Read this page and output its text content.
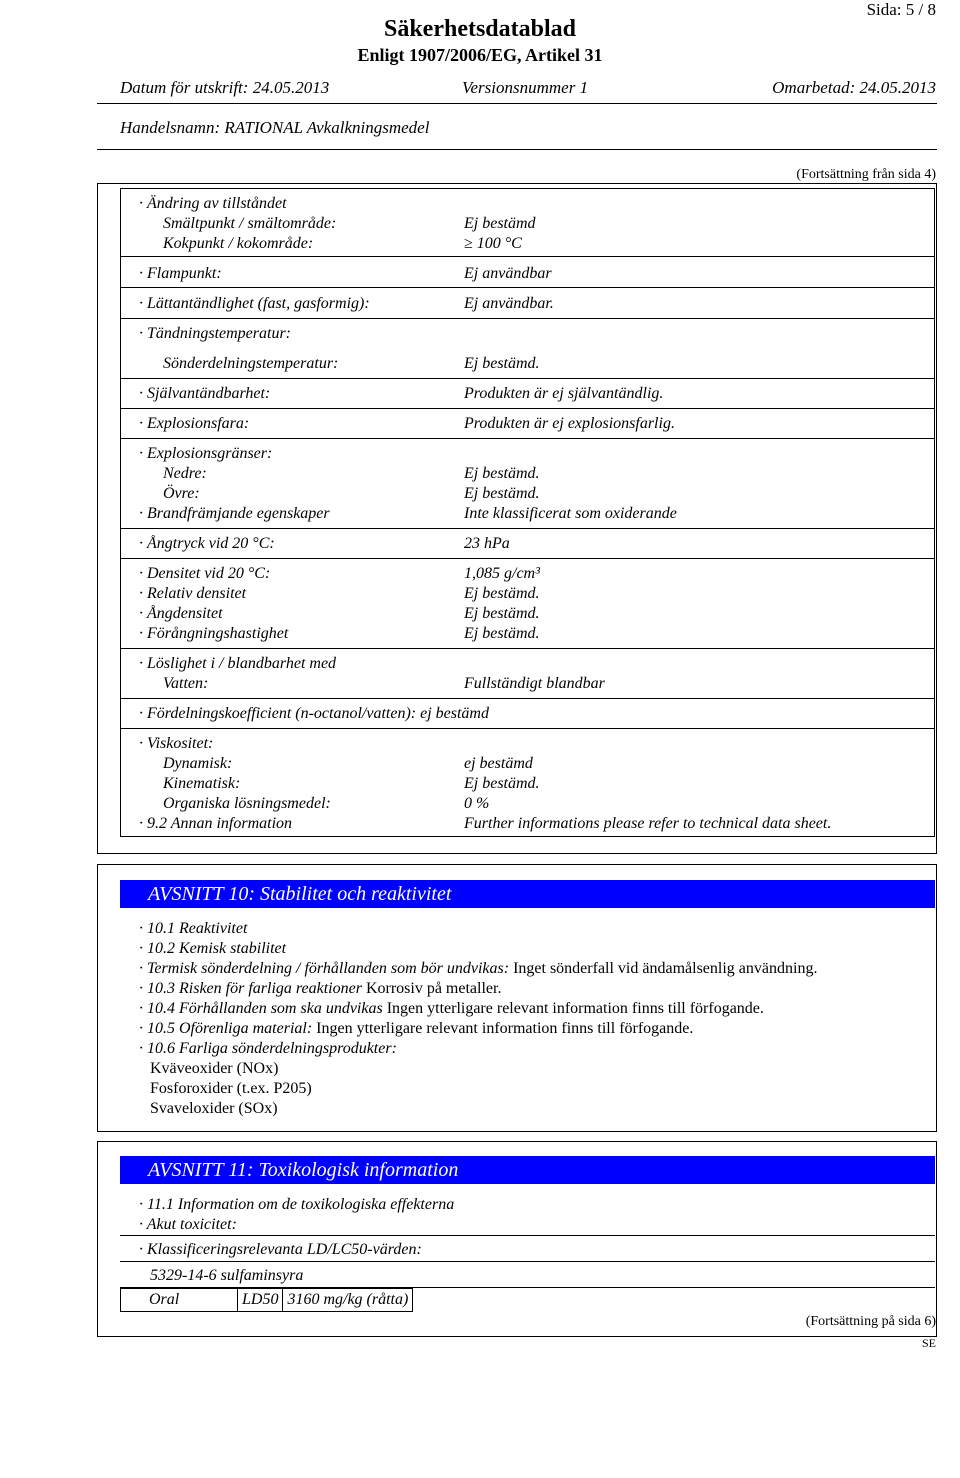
Sida: 5 / 8
Säkerhetsdatablad
Enligt 1907/2006/EG, Artikel 31
Datum för utskrift: 24.05.2013	Versionsnummer 1	Omarbetad: 24.05.2013
Handelsnamn: RATIONAL Avkalkningsmedel
(Fortsättning från sida 4)
· Ändring av tillståndet
Smältpunkt / smältområde:	Ej bestämd
Kokpunkt / kokområde:	≥ 100 °C
· Flampunkt:	Ej användbar
· Lättantändlighet (fast, gasformig):	Ej användbar.
· Tändningstemperatur:
Sönderdelningstemperatur:	Ej bestämd.
· Självantändbarhet:	Produkten är ej självantändlig.
· Explosionsfara:	Produkten är ej explosionsfarlig.
· Explosionsgränser:
Nedre:	Ej bestämd.
Övre:	Ej bestämd.
· Brandfrämjande egenskaper	Inte klassificerat som oxiderande
· Ångtryck vid 20 °C:	23 hPa
· Densitet vid 20 °C:	1,085 g/cm³
· Relativ densitet	Ej bestämd.
· Ångdensitet	Ej bestämd.
· Förångningshastighet	Ej bestämd.
· Löslighet i / blandbarhet med
Vatten:	Fullständigt blandbar
· Fördelningskoefficient (n-octanol/vatten): ej bestämd
· Viskositet:
Dynamisk:	ej bestämd
Kinematisk:	Ej bestämd.
Organiska lösningsmedel:	0 %
· 9.2 Annan information	Further informations please refer to technical data sheet.
AVSNITT 10: Stabilitet och reaktivitet
· 10.1 Reaktivitet
· 10.2 Kemisk stabilitet
· Termisk sönderdelning / förhållanden som bör undvikas: Inget sönderfall vid ändamålsenlig användning.
· 10.3 Risken för farliga reaktioner Korrosiv på metaller.
· 10.4 Förhållanden som ska undvikas Ingen ytterligare relevant information finns till förfogande.
· 10.5 Oförenliga material: Ingen ytterligare relevant information finns till förfogande.
· 10.6 Farliga sönderdelningsprodukter:
Kväveoxider (NOx)
Fosforoxider (t.ex. P205)
Svaveloxider (SOx)
AVSNITT 11: Toxikologisk information
· 11.1 Information om de toxikologiska effekterna
· Akut toxicitet:
· Klassificeringsrelevanta LD/LC50-värden:
5329-14-6 sulfaminsyra
Oral	LD50	3160 mg/kg (råtta)
(Fortsättning på sida 6)
SE
